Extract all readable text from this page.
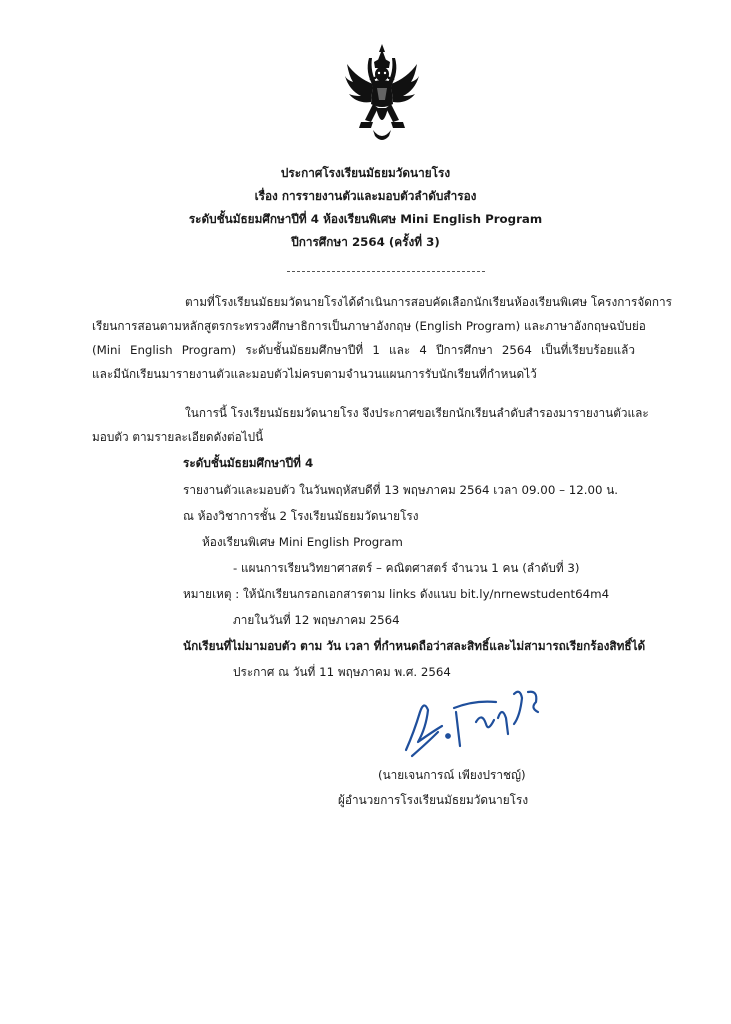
ประกาศโรงเรียนมัธยมวัดนายโรง
เรื่อง การรายงานตัวและมอบตัวลำดับสำรอง
ระดับชั้นมัธยมศึกษาปีที่ 4 ห้องเรียนพิเศษ Mini English Program
ปีการศึกษา 2564 (ครั้งที่ 3)
ตามที่โรงเรียนมัธยมวัดนายโรงได้ดำเนินการสอบคัดเลือกนักเรียนห้องเรียนพิเศษ โครงการจัดการ
เรียนการสอนตามหลักสูตรกระทรวงศึกษาธิการเป็นภาษาอังกฤษ (English Program) และภาษาอังกฤษฉบับย่อ
(Mini English Program) ระดับชั้นมัธยมศึกษาปีที่ 1 และ 4 ปีการศึกษา 2564 เป็นที่เรียบร้อยแล้ว
และมีนักเรียนมารายงานตัวและมอบตัวไม่ครบตามจำนวนแผนการรับนักเรียนที่กำหนดไว้
ในการนี้ โรงเรียนมัธยมวัดนายโรง จึงประกาศขอเรียกนักเรียนลำดับสำรองมารายงานตัวและ
มอบตัว ตามรายละเอียดดังต่อไปนี้
ระดับชั้นมัธยมศึกษาปีที่ 4
รายงานตัวและมอบตัว ในวันพฤหัสบดีที่ 13 พฤษภาคม 2564 เวลา 09.00 – 12.00 น.
ณ ห้องวิชาการชั้น 2 โรงเรียนมัธยมวัดนายโรง
ห้องเรียนพิเศษ Mini English Program
- แผนการเรียนวิทยาศาสตร์ – คณิตศาสตร์ จำนวน 1 คน (ลำดับที่ 3)
หมายเหตุ : ให้นักเรียนกรอกเอกสารตาม links ดังแนบ bit.ly/nrnewstudent64m4
ภายในวันที่ 12 พฤษภาคม 2564
นักเรียนที่ไม่มามอบตัว ตาม วัน เวลา ที่กำหนดถือว่าสละสิทธิ์และไม่สามารถเรียกร้องสิทธิ์ได้
ประกาศ ณ วันที่ 11 พฤษภาคม พ.ศ. 2564
(นายเจนการณ์ เพียงปราชญ์)
ผู้อำนวยการโรงเรียนมัธยมวัดนายโรง
